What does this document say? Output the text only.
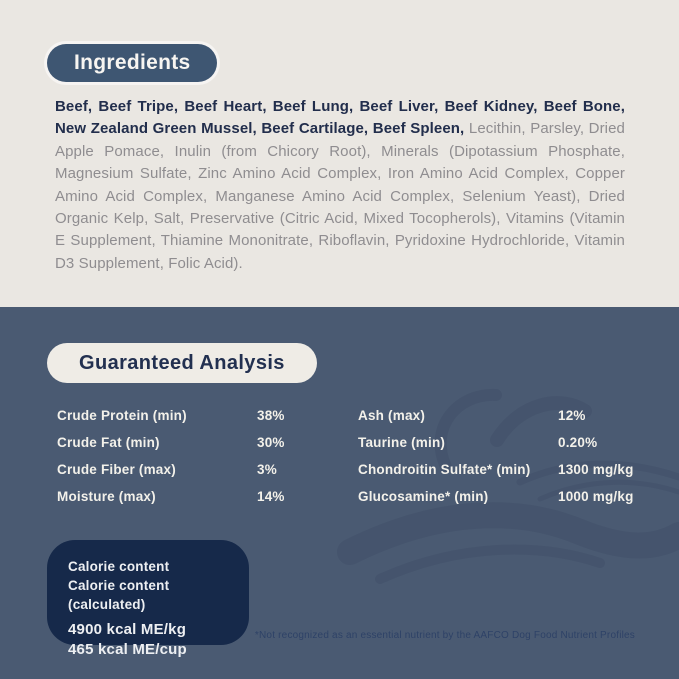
Ingredients

Beef, Beef Tripe, Beef Heart, Beef Lung, Beef Liver, Beef Kidney, Beef Bone, New Zealand Green Mussel, Beef Cartilage, Beef Spleen, Lecithin, Parsley, Dried Apple Pomace, Inulin (from Chicory Root), Minerals (Dipotassium Phosphate, Magnesium Sulfate, Zinc Amino Acid Complex, Iron Amino Acid Complex, Copper Amino Acid Complex, Manganese Amino Acid Complex, Selenium Yeast), Dried Organic Kelp, Salt, Preservative (Citric Acid, Mixed Tocopherols), Vitamins (Vitamin E Supplement, Thiamine Mononitrate, Riboflavin, Pyridoxine Hydrochloride, Vitamin D3 Supplement, Folic Acid).

Guaranteed Analysis
Crude Protein (min)	38%
Crude Fat (min)	30%
Crude Fiber (max)	3%
Moisture (max)	14%
Ash (max)	12%
Taurine (min)	0.20%
Chondroitin Sulfate* (min)	1300 mg/kg
Glucosamine* (min)	1000 mg/kg
Calorie content
Calorie content (calculated)
4900 kcal ME/kg
465 kcal ME/cup
*Not recognized as an essential nutrient by the AAFCO Dog Food Nutrient Profiles
